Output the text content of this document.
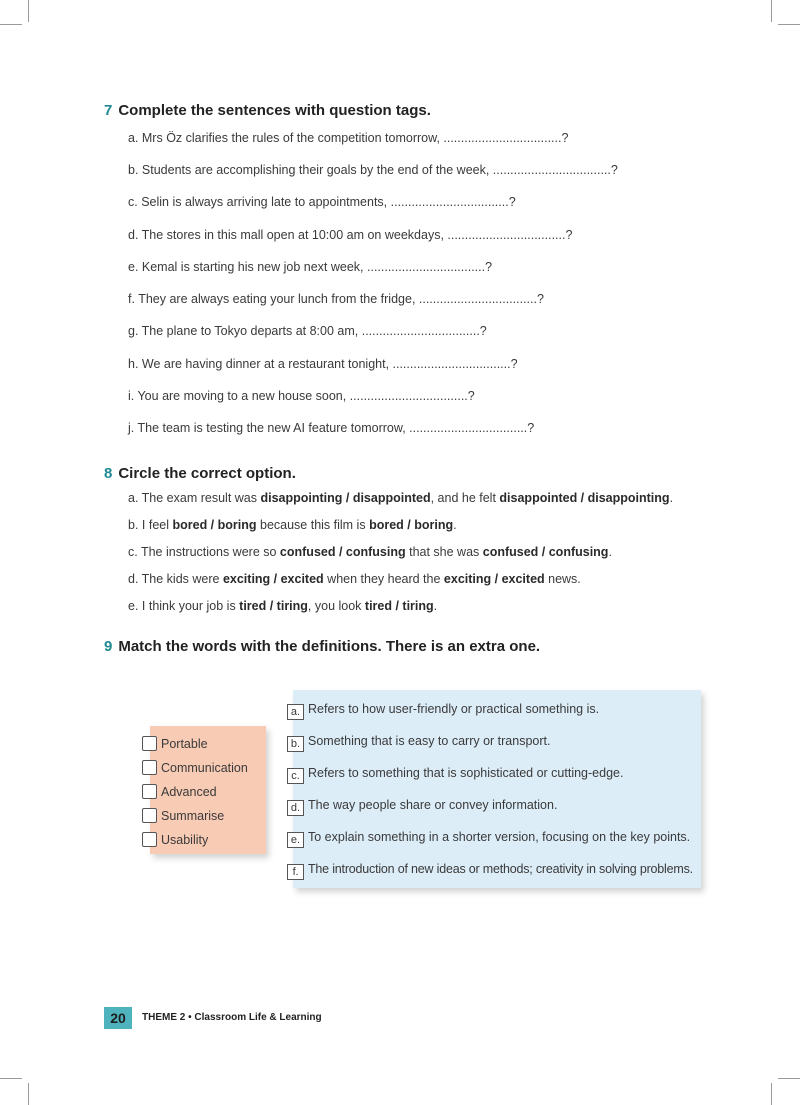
7 Complete the sentences with question tags.
a. Mrs Öz clarifies the rules of the competition tomorrow, ..................................?
b. Students are accomplishing their goals by the end of the week, ..................................?
c. Selin is always arriving late to appointments, ..................................?
d. The stores in this mall open at 10:00 am on weekdays, ..................................?
e. Kemal is starting his new job next week, ..................................?
f. They are always eating your lunch from the fridge, ..................................?
g. The plane to Tokyo departs at 8:00 am, ..................................?
h. We are having dinner at a restaurant tonight, ..................................?
i. You are moving to a new house soon, ..................................?
j. The team is testing the new AI feature tomorrow, ..................................?
8 Circle the correct option.
a. The exam result was disappointing / disappointed, and he felt disappointed / disappointing.
b. I feel bored / boring because this film is bored / boring.
c. The instructions were so confused / confusing that she was confused / confusing.
d. The kids were exciting / excited when they heard the exciting / excited news.
e. I think your job is tired / tiring, you look tired / tiring.
9 Match the words with the definitions. There is an extra one.
Portable
Communication
Advanced
Summarise
Usability
a. Refers to how user-friendly or practical something is.
b. Something that is easy to carry or transport.
c. Refers to something that is sophisticated or cutting-edge.
d. The way people share or convey information.
e. To explain something in a shorter version, focusing on the key points.
f. The introduction of new ideas or methods; creativity in solving problems.
20	THEME 2 • Classroom Life & Learning
